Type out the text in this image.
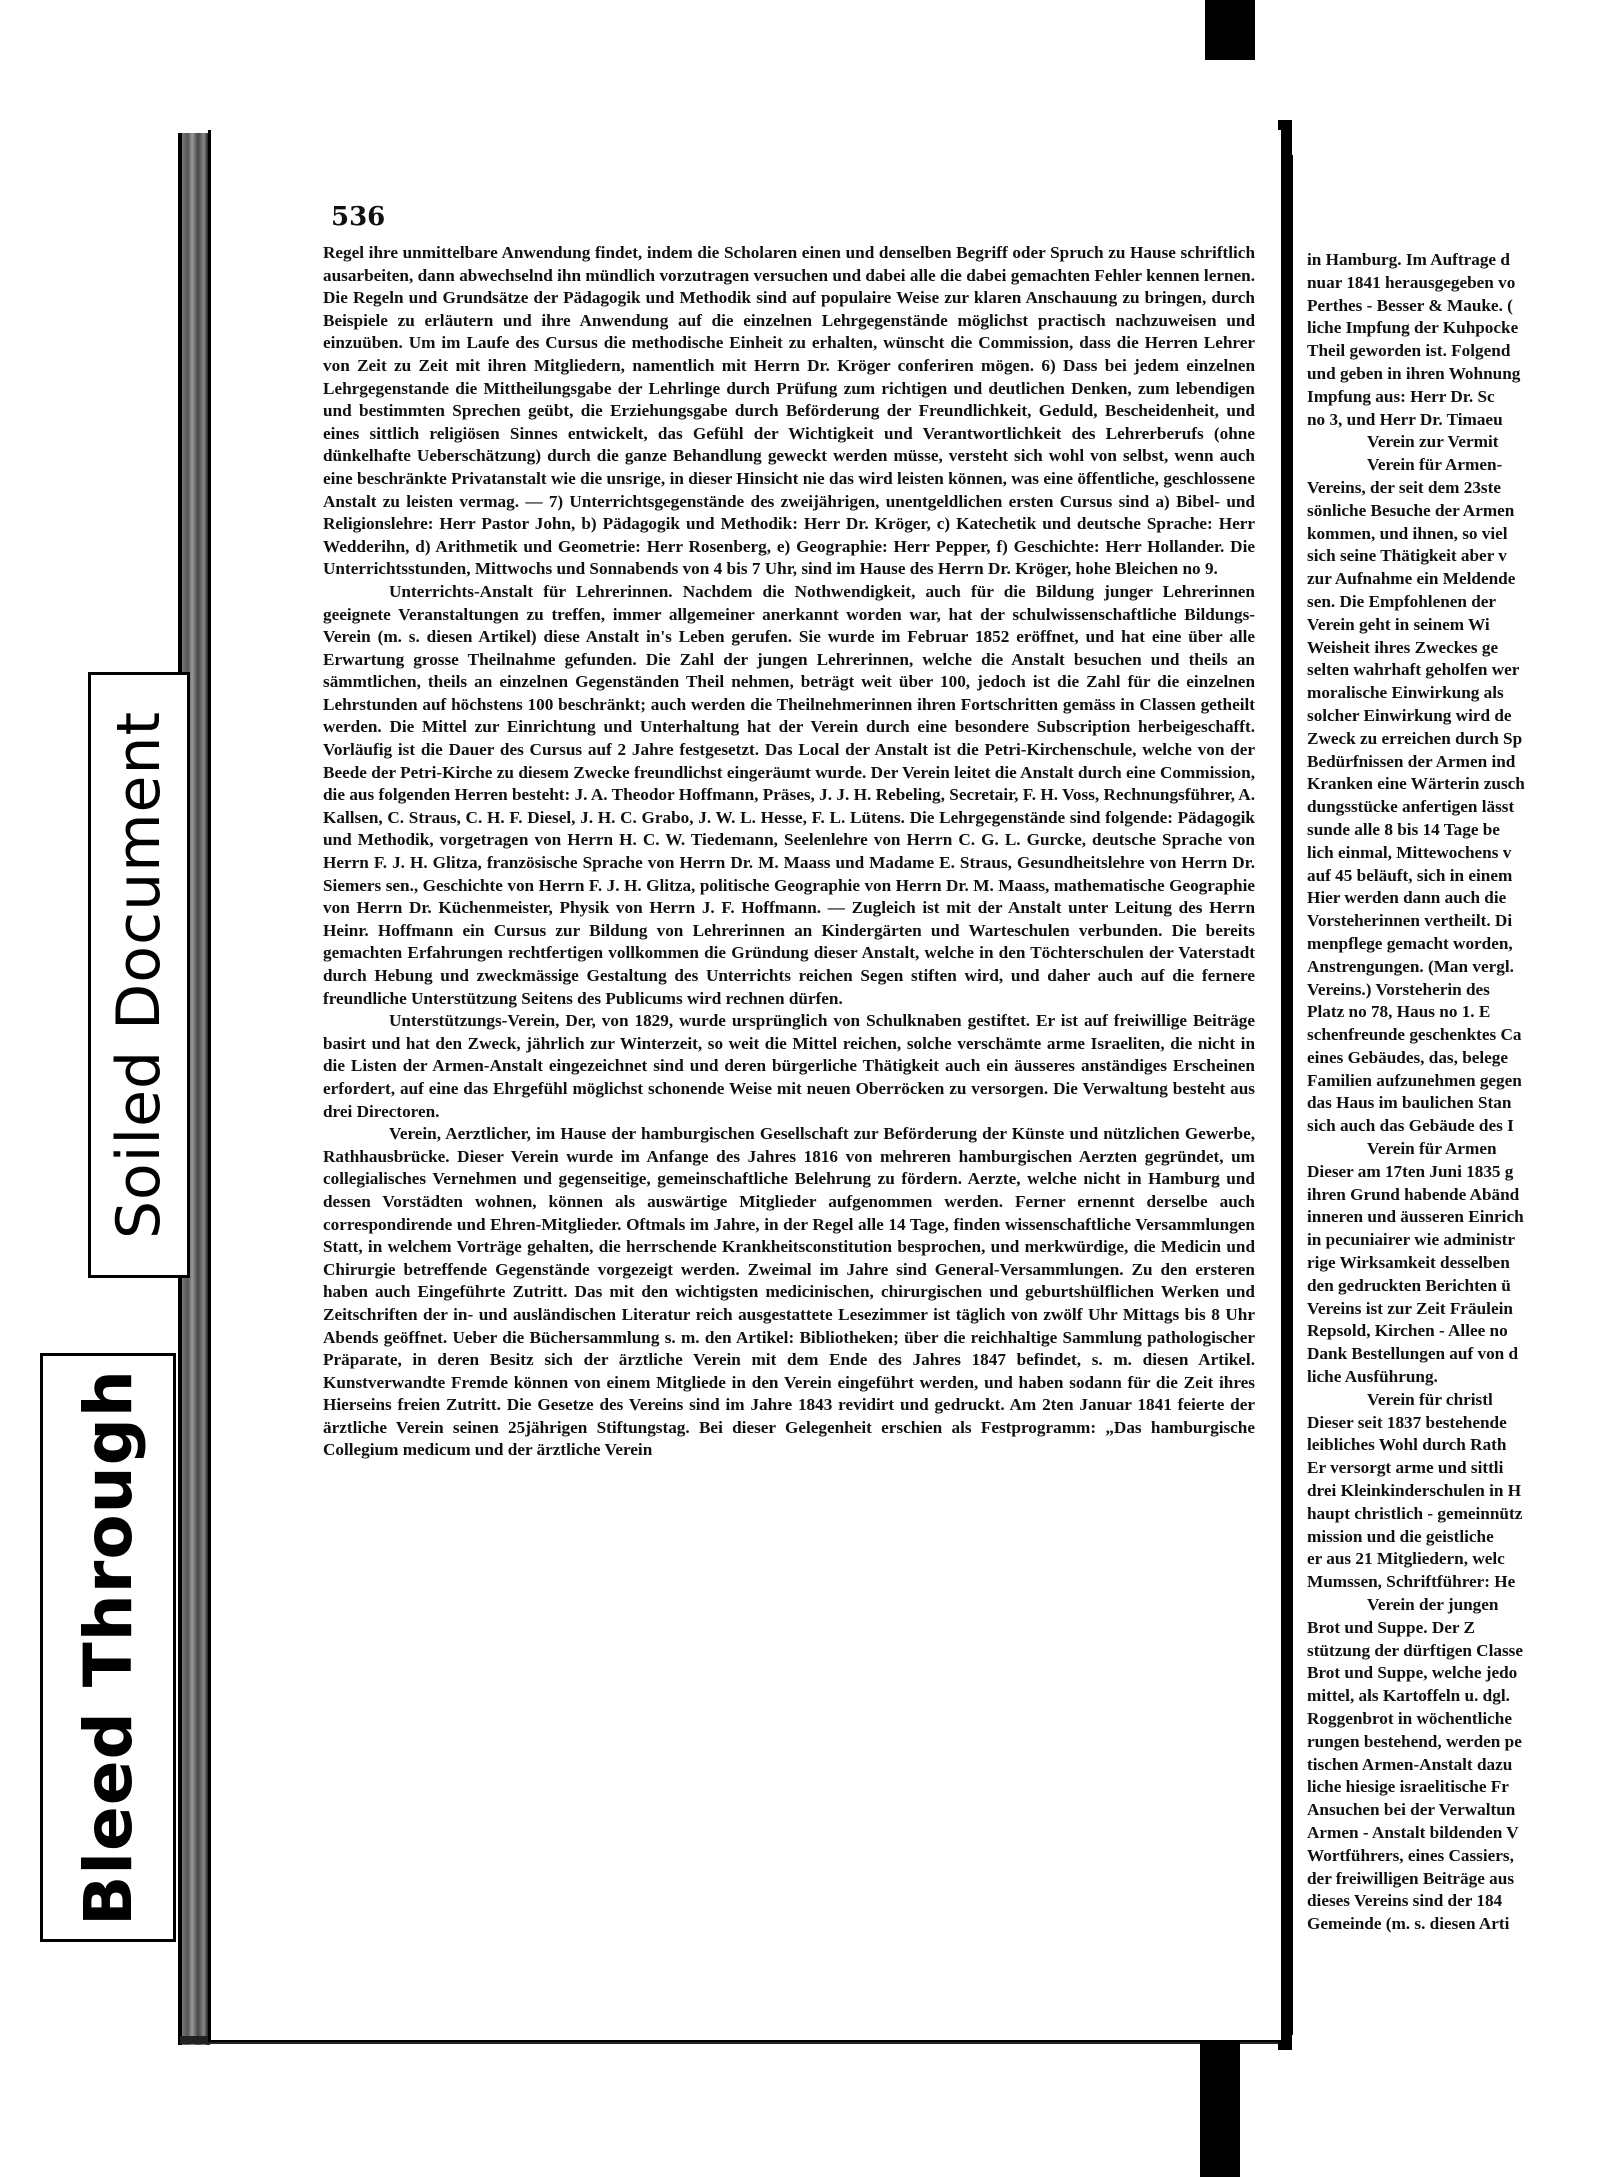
536

Regel ihre unmittelbare Anwendung findet, indem die Scholaren einen und denselben Begriff oder Spruch zu Hause schriftlich ausarbeiten, dann abwechselnd ihn mündlich vorzutragen versuchen und dabei alle die dabei gemachten Fehler kennen lernen. Die Regeln und Grundsätze der Pädagogik und Methodik sind auf populaire Weise zur klaren Anschauung zu bringen, durch Beispiele zu erläutern und ihre Anwendung auf die einzelnen Lehrgegenstände möglichst practisch nachzuweisen und einzuüben. Um im Laufe des Cursus die methodische Einheit zu erhalten, wünscht die Commission, dass die Herren Lehrer von Zeit zu Zeit mit ihren Mitgliedern, namentlich mit Herrn Dr. Kröger conferiren mögen. 6) Dass bei jedem einzelnen Lehrgegenstande die Mittheilungsgabe der Lehrlinge durch Prüfung zum richtigen und deutlichen Denken, zum lebendigen und bestimmten Sprechen geübt, die Erziehungsgabe durch Beförderung der Freundlichkeit, Geduld, Bescheidenheit, und eines sittlich religiösen Sinnes entwickelt, das Gefühl der Wichtigkeit und Verantwortlichkeit des Lehrerberufs (ohne dünkelhafte Ueberschätzung) durch die ganze Behandlung geweckt werden müsse, versteht sich wohl von selbst, wenn auch eine beschränkte Privatanstalt wie die unsrige, in dieser Hinsicht nie das wird leisten können, was eine öffentliche, geschlossene Anstalt zu leisten vermag. — 7) Unterrichtsgegenstände des zweijährigen, unentgeldlichen ersten Cursus sind a) Bibel- und Religionslehre: Herr Pastor John, b) Pädagogik und Methodik: Herr Dr. Kröger, c) Katechetik und deutsche Sprache: Herr Wedderihn, d) Arithmetik und Geometrie: Herr Rosenberg, e) Geographie: Herr Pepper, f) Geschichte: Herr Hollander. Die Unterrichtsstunden, Mittwochs und Sonnabends von 4 bis 7 Uhr, sind im Hause des Herrn Dr. Kröger, hohe Bleichen no 9.

Unterrichts-Anstalt für Lehrerinnen. Nachdem die Nothwendigkeit, auch für die Bildung junger Lehrerinnen geeignete Veranstaltungen zu treffen, immer allgemeiner anerkannt worden war, hat der schulwissenschaftliche Bildungs-Verein (m. s. diesen Artikel) diese Anstalt in's Leben gerufen. Sie wurde im Februar 1852 eröffnet, und hat eine über alle Erwartung grosse Theilnahme gefunden. Die Zahl der jungen Lehrerinnen, welche die Anstalt besuchen und theils an sämmtlichen, theils an einzelnen Gegenständen Theil nehmen, beträgt weit über 100, jedoch ist die Zahl für die einzelnen Lehrstunden auf höchstens 100 beschränkt; auch werden die Theilnehmerinnen ihren Fortschritten gemäss in Classen getheilt werden. Die Mittel zur Einrichtung und Unterhaltung hat der Verein durch eine besondere Subscription herbeigeschafft. Vorläufig ist die Dauer des Cursus auf 2 Jahre festgesetzt. Das Local der Anstalt ist die Petri-Kirchenschule, welche von der Beede der Petri-Kirche zu diesem Zwecke freundlichst eingeräumt wurde. Der Verein leitet die Anstalt durch eine Commission, die aus folgenden Herren besteht: J. A. Theodor Hoffmann, Präses, J. J. H. Rebeling, Secretair, F. H. Voss, Rechnungsführer, A. Kallsen, C. Straus, C. H. F. Diesel, J. H. C. Grabo, J. W. L. Hesse, F. L. Lütens. Die Lehrgegenstände sind folgende: Pädagogik und Methodik, vorgetragen von Herrn H. C. W. Tiedemann, Seelenlehre von Herrn C. G. L. Gurcke, deutsche Sprache von Herrn F. J. H. Glitza, französische Sprache von Herrn Dr. M. Maass und Madame E. Straus, Gesundheitslehre von Herrn Dr. Siemers sen., Geschichte von Herrn F. J. H. Glitza, politische Geographie von Herrn Dr. M. Maass, mathematische Geographie von Herrn Dr. Küchenmeister, Physik von Herrn J. F. Hoffmann. — Zugleich ist mit der Anstalt unter Leitung des Herrn Heinr. Hoffmann ein Cursus zur Bildung von Lehrerinnen an Kindergärten und Warteschulen verbunden. Die bereits gemachten Erfahrungen rechtfertigen vollkommen die Gründung dieser Anstalt, welche in den Töchterschulen der Vaterstadt durch Hebung und zweckmässige Gestaltung des Unterrichts reichen Segen stiften wird, und daher auch auf die fernere freundliche Unterstützung Seitens des Publicums wird rechnen dürfen.

Unterstützungs-Verein, Der, von 1829, wurde ursprünglich von Schulknaben gestiftet. Er ist auf freiwillige Beiträge basirt und hat den Zweck, jährlich zur Winterzeit, so weit die Mittel reichen, solche verschämte arme Israeliten, die nicht in die Listen der Armen-Anstalt eingezeichnet sind und deren bürgerliche Thätigkeit auch ein äusseres anständiges Erscheinen erfordert, auf eine das Ehrgefühl möglichst schonende Weise mit neuen Oberröcken zu versorgen. Die Verwaltung besteht aus drei Directoren.

Verein, Aerztlicher, im Hause der hamburgischen Gesellschaft zur Beförderung der Künste und nützlichen Gewerbe, Rathhausbrücke. Dieser Verein wurde im Anfange des Jahres 1816 von mehreren hamburgischen Aerzten gegründet, um collegialisches Vernehmen und gegenseitige, gemeinschaftliche Belehrung zu fördern. Aerzte, welche nicht in Hamburg und dessen Vorstädten wohnen, können als auswärtige Mitglieder aufgenommen werden. Ferner ernennt derselbe auch correspondirende und Ehren-Mitglieder. Oftmals im Jahre, in der Regel alle 14 Tage, finden wissenschaftliche Versammlungen Statt, in welchem Vorträge gehalten, die herrschende Krankheitsconstitution besprochen, und merkwürdige, die Medicin und Chirurgie betreffende Gegenstände vorgezeigt werden. Zweimal im Jahre sind General-Versammlungen. Zu den ersteren haben auch Eingeführte Zutritt. Das mit den wichtigsten medicinischen, chirurgischen und geburtshülflichen Werken und Zeitschriften der in- und ausländischen Literatur reich ausgestattete Lesezimmer ist täglich von zwölf Uhr Mittags bis 8 Uhr Abends geöffnet. Ueber die Büchersammlung s. m. den Artikel: Bibliotheken; über die reichhaltige Sammlung pathologischer Präparate, in deren Besitz sich der ärztliche Verein mit dem Ende des Jahres 1847 befindet, s. m. diesen Artikel. Kunstverwandte Fremde können von einem Mitgliede in den Verein eingeführt werden, und haben sodann für die Zeit ihres Hierseins freien Zutritt. Die Gesetze des Vereins sind im Jahre 1843 revidirt und gedruckt. Am 2ten Januar 1841 feierte der ärztliche Verein seinen 25jährigen Stiftungstag. Bei dieser Gelegenheit erschien als Festprogramm: „Das hamburgische Collegium medicum und der ärztliche Verein

in Hamburg. Im Auftrage d
nuar 1841 herausgegeben vo
Perthes - Besser & Mauke. (
liche Impfung der Kuhpocke
Theil geworden ist. Folgend
und geben in ihren Wohnung
Impfung aus: Herr Dr. Sc
no 3, und Herr Dr. Timaeu
Verein zur Vermit
Verein für Armen-
Vereins, der seit dem 23ste
sönliche Besuche der Armen
kommen, und ihnen, so viel
sich seine Thätigkeit aber v
zur Aufnahme ein Meldende
sen. Die Empfohlenen der
Verein geht in seinem Wi
Weisheit ihres Zweckes ge
selten wahrhaft geholfen wer
moralische Einwirkung als
solcher Einwirkung wird de
Zweck zu erreichen durch Sp
Bedürfnissen der Armen ind
Kranken eine Wärterin zusch
dungsstücke anfertigen lässt
sunde alle 8 bis 14 Tage be
lich einmal, Mittewochens v
auf 45 beläuft, sich in einem
Hier werden dann auch die
Vorsteherinnen vertheilt. Di
menpflege gemacht worden,
Anstrengungen. (Man vergl.
Vereins.) Vorsteherin des
Platz no 78, Haus no 1. E
schenfreunde geschenktes Ca
eines Gebäudes, das, belege
Familien aufzunehmen gegen
das Haus im baulichen Stan
sich auch das Gebäude des I
Verein für Armen
Dieser am 17ten Juni 1835 g
ihren Grund habende Abänd
inneren und äusseren Einrich
in pecuniairer wie administr
rige Wirksamkeit desselben
den gedruckten Berichten ü
Vereins ist zur Zeit Fräulein
Repsold, Kirchen - Allee no
Dank Bestellungen auf von d
liche Ausführung.
Verein für christl
Dieser seit 1837 bestehende
leibliches Wohl durch Rath
Er versorgt arme und sittli
drei Kleinkinderschulen in H
haupt christlich - gemeinnütz
mission und die geistliche
er aus 21 Mitgliedern, welc
Mumssen, Schriftführer: He
Verein der jungen
Brot und Suppe. Der Z
stützung der dürftigen Classe
Brot und Suppe, welche jedo
mittel, als Kartoffeln u. dgl.
Roggenbrot in wöchentliche
rungen bestehend, werden pe
tischen Armen-Anstalt dazu
liche hiesige israelitische Fr
Ansuchen bei der Verwaltun
Armen - Anstalt bildenden V
Wortführers, eines Cassiers,
der freiwilligen Beiträge aus
dieses Vereins sind der 184
Gemeinde (m. s. diesen Arti
Soiled Document
Bleed Through
